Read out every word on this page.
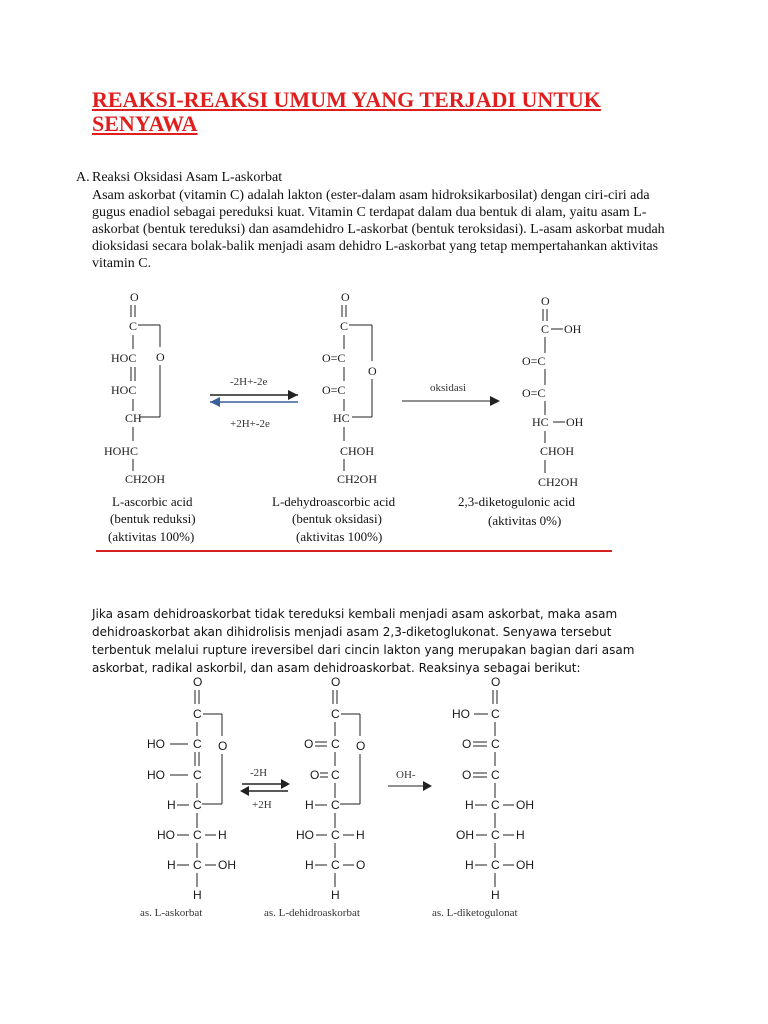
REAKSI-REAKSI UMUM YANG TERJADI UNTUK SENYAWA
A. Reaksi Oksidasi Asam L-askorbat

Asam askorbat (vitamin C) adalah lakton (ester-dalam asam hidroksikarbosilat) dengan ciri-ciri ada gugus enadiol sebagai pereduksi kuat. Vitamin C terdapat dalam dua bentuk di alam, yaitu asam L-askorbat (bentuk tereduksi) dan asamdehidro L-askorbat (bentuk teroksidasi). L-asam askorbat mudah dioksidasi secara bolak-balik menjadi asam dehidro L-askorbat yang tetap mempertahankan aktivitas vitamin C.

O
C
O
HOC
HOC
CH
HOHC
CH2OH
L-ascorbic acid
(bentuk reduksi)
(aktivitas 100%)
-2H+-2e
+2H+-2e
O
C
O
O=C
O=C
HC
CHOH
CH2OH
L-dehydroascorbic acid
(bentuk oksidasi)
(aktivitas 100%)
oksidasi
O
C OH
O=C
O=C
HC OH
CHOH
CH2OH
2,3-diketogulonic acid
(aktivitas 0%)

Jika asam dehidroaskorbat tidak tereduksi kembali menjadi asam askorbat, maka asam dehidroaskorbat akan dihidrolisis menjadi asam 2,3-diketoglukonat. Senyawa tersebut terbentuk melalui rupture ireversibel dari cincin lakton yang merupakan bagian dari asam askorbat, radikal askorbil, dan asam dehidroaskorbat. Reaksinya sebagai berikut:

O
C
O
HO C
HO C
H C
HO C H
H C OH
H
as. L-askorbat
-2H
+2H
O
C
O
O C
O C
H C
HO C H
H C O
H
as. L-dehidroaskorbat
OH-
O
HO C
O C
O C
H C OH
OH C H
H C OH
H
as. L-diketogulonat
